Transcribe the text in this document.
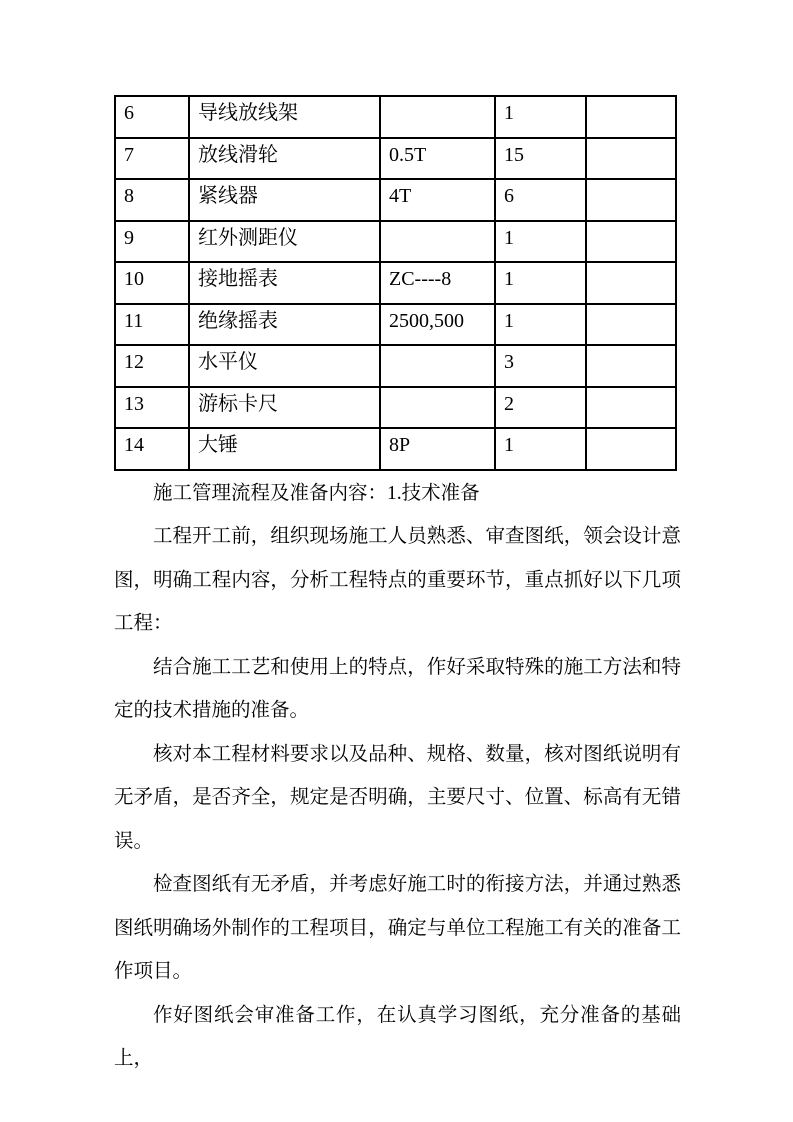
6	导线放线架		1	
7	放线滑轮	0.5T	15	
8	紧线器	4T	6	
9	红外测距仪		1	
10	接地摇表	ZC----8	1	
11	绝缘摇表	2500,500	1	
12	水平仪		3	
13	游标卡尺		2	
14	大锤	8P	1	

施工管理流程及准备内容：1.技术准备

工程开工前，组织现场施工人员熟悉、审查图纸，领会设计意图，明确工程内容，分析工程特点的重要环节，重点抓好以下几项工程：

结合施工工艺和使用上的特点，作好采取特殊的施工方法和特定的技术措施的准备。

核对本工程材料要求以及品种、规格、数量，核对图纸说明有无矛盾，是否齐全，规定是否明确，主要尺寸、位置、标高有无错误。

检查图纸有无矛盾，并考虑好施工时的衔接方法，并通过熟悉图纸明确场外制作的工程项目，确定与单位工程施工有关的准备工作项目。

作好图纸会审准备工作，在认真学习图纸，充分准备的基础上，
